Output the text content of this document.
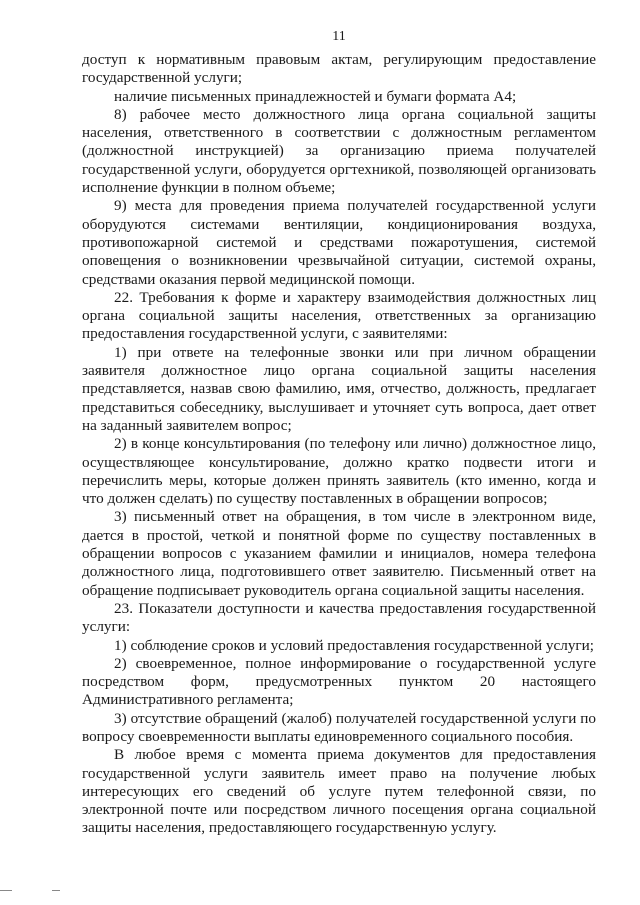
11

доступ к нормативным правовым актам, регулирующим предоставление государственной услуги;

наличие письменных принадлежностей и бумаги формата А4;

8) рабочее место должностного лица органа социальной защиты населения, ответственного в соответствии с должностным регламентом (должностной инструкцией) за организацию приема получателей государственной услуги, оборудуется оргтехникой, позволяющей организовать исполнение функции в полном объеме;

9) места для проведения приема получателей государственной услуги оборудуются системами вентиляции, кондиционирования воздуха, противопожарной системой и средствами пожаротушения, системой оповещения о возникновении чрезвычайной ситуации, системой охраны, средствами оказания первой медицинской помощи.

22. Требования к форме и характеру взаимодействия должностных лиц органа социальной защиты населения, ответственных за организацию предоставления государственной услуги, с заявителями:

1) при ответе на телефонные звонки или при личном обращении заявителя должностное лицо органа социальной защиты населения представляется, назвав свою фамилию, имя, отчество, должность, предлагает представиться собеседнику, выслушивает и уточняет суть вопроса, дает ответ на заданный заявителем вопрос;

2) в конце консультирования (по телефону или лично) должностное лицо, осуществляющее консультирование, должно кратко подвести итоги и перечислить меры, которые должен принять заявитель (кто именно, когда и что должен сделать) по существу поставленных в обращении вопросов;

3) письменный ответ на обращения, в том числе в электронном виде, дается в простой, четкой и понятной форме по существу поставленных в обращении вопросов с указанием фамилии и инициалов, номера телефона должностного лица, подготовившего ответ заявителю. Письменный ответ на обращение подписывает руководитель органа социальной защиты населения.

23. Показатели доступности и качества предоставления государственной услуги:

1) соблюдение сроков и условий предоставления государственной услуги;

2) своевременное, полное информирование о государственной услуге посредством форм, предусмотренных пунктом 20 настоящего Административного регламента;

3) отсутствие обращений (жалоб) получателей государственной услуги по вопросу своевременности выплаты единовременного социального пособия.

В любое время с момента приема документов для предоставления государственной услуги заявитель имеет право на получение любых интересующих его сведений об услуге путем телефонной связи, по электронной почте или посредством личного посещения органа социальной защиты населения, предоставляющего государственную услугу.
